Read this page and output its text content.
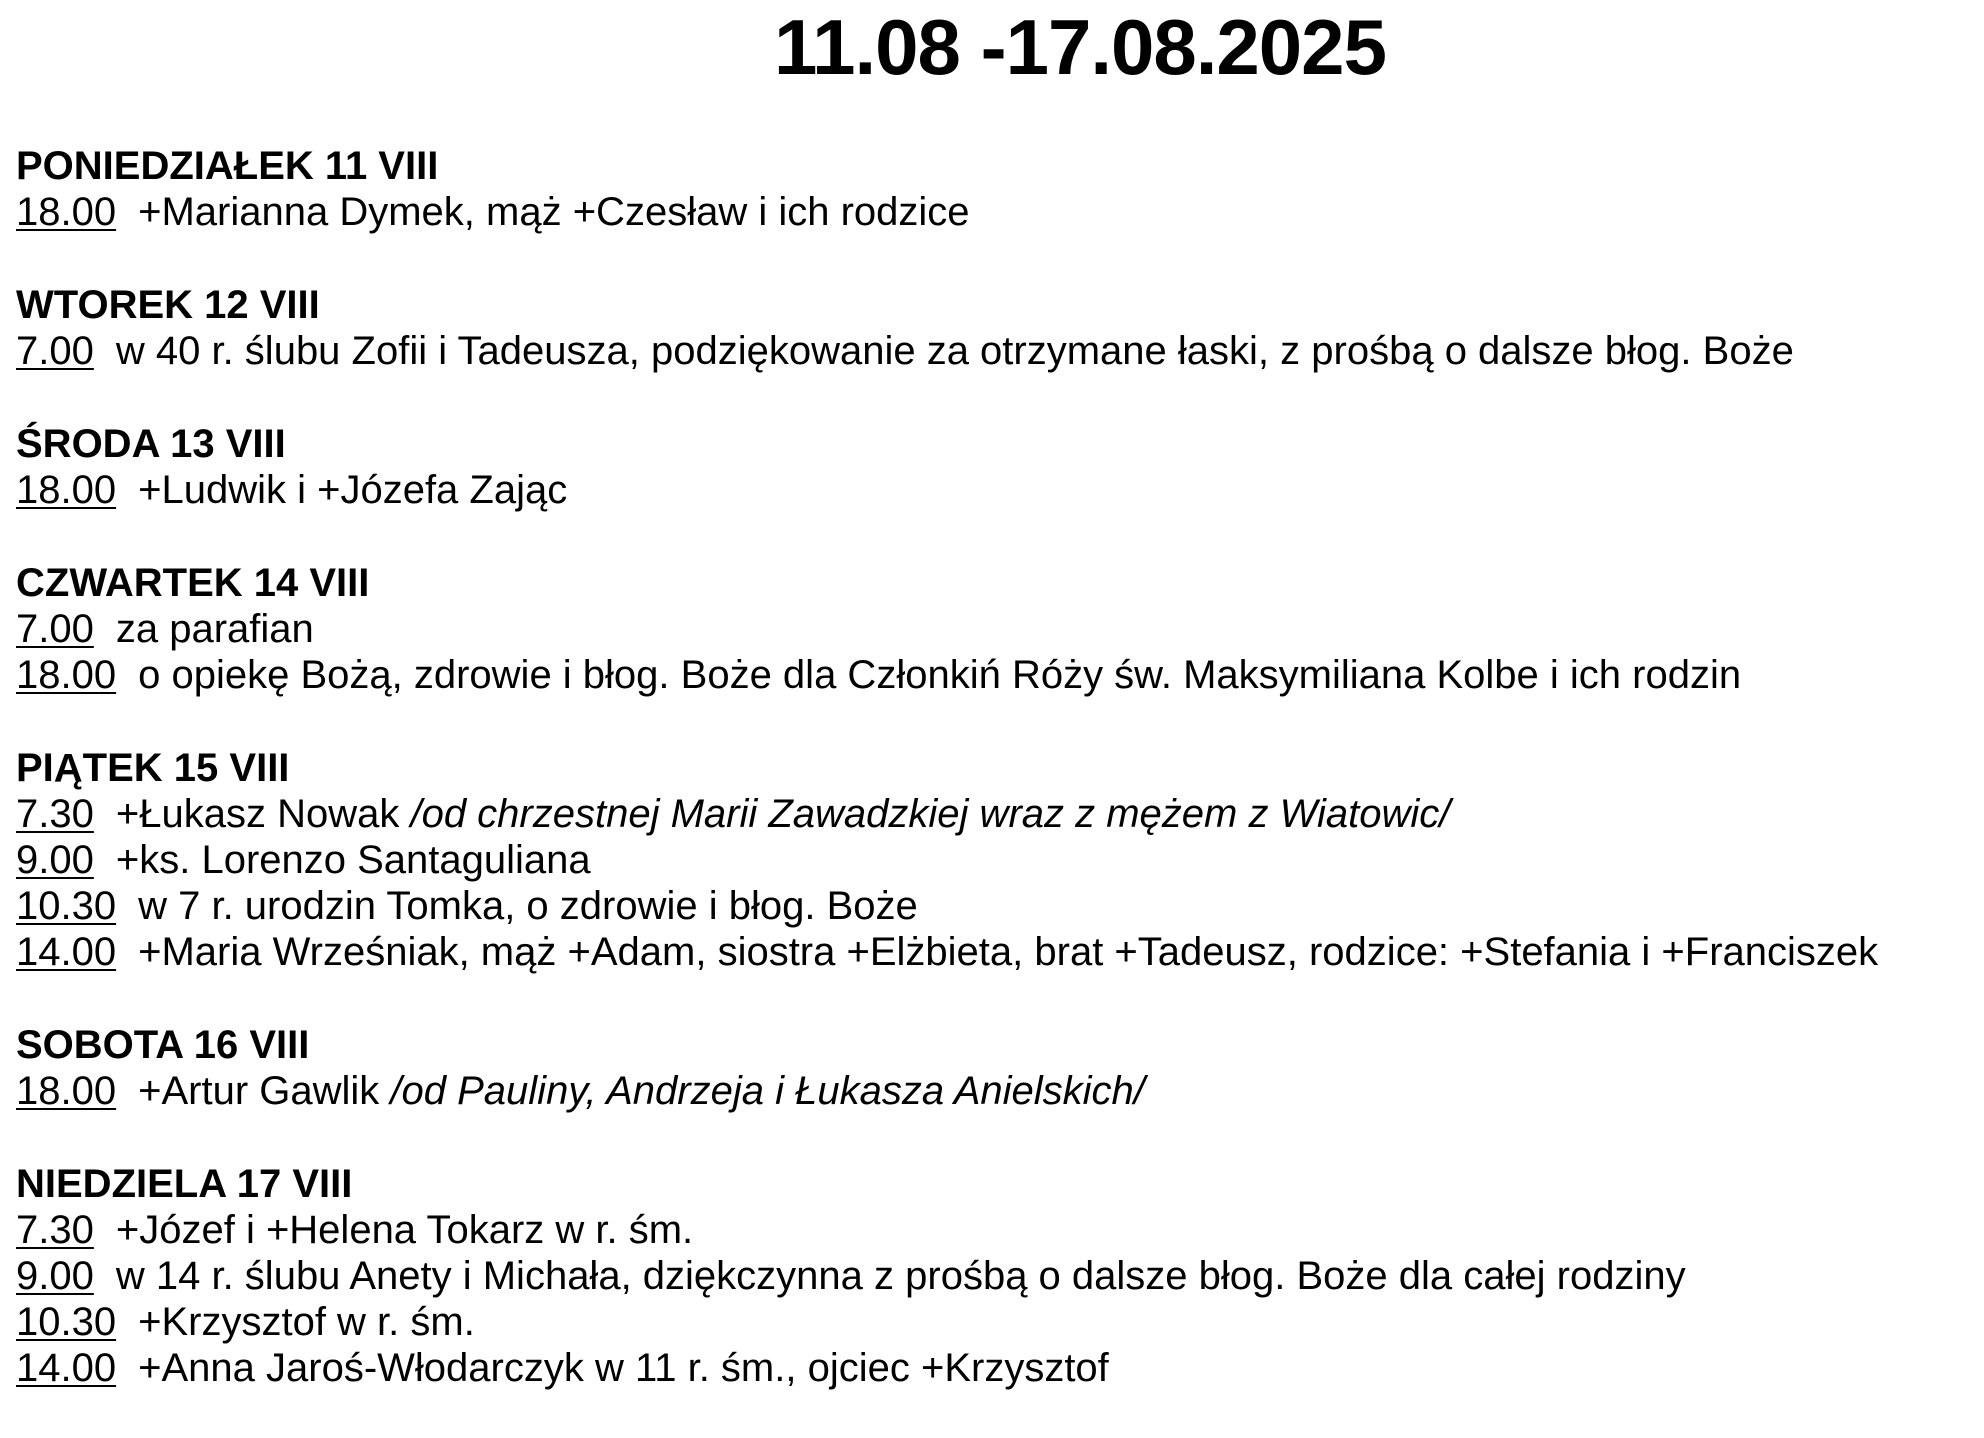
11.08 -17.08.2025
PONIEDZIAŁEK 11 VIII
18.00 +Marianna Dymek, mąż +Czesław i ich rodzice
WTOREK 12 VIII
7.00 w 40 r. ślubu Zofii i Tadeusza, podziękowanie za otrzymane łaski, z prośbą o dalsze błog. Boże
ŚRODA 13 VIII
18.00 +Ludwik i +Józefa Zając
CZWARTEK 14 VIII
7.00 za parafian
18.00 o opiekę Bożą, zdrowie i błog. Boże dla Członkiń Róży św. Maksymiliana Kolbe i ich rodzin
PIĄTEK 15 VIII
7.30 +Łukasz Nowak /od chrzestnej Marii Zawadzkiej wraz z mężem z Wiatowic/
9.00 +ks. Lorenzo Santaguliana
10.30 w 7 r. urodzin Tomka, o zdrowie i błog. Boże
14.00 +Maria Wrześniak, mąż +Adam, siostra +Elżbieta, brat +Tadeusz, rodzice: +Stefania i +Franciszek
SOBOTA 16 VIII
18.00 +Artur Gawlik /od Pauliny, Andrzeja i Łukasza Anielskich/
NIEDZIELA 17 VIII
7.30 +Józef i +Helena Tokarz w r. śm.
9.00 w 14 r. ślubu Anety i Michała, dziękczynna z prośbą o dalsze błog. Boże dla całej rodziny
10.30 +Krzysztof w r. śm.
14.00 +Anna Jaroś-Włodarczyk w 11 r. śm., ojciec +Krzysztof
